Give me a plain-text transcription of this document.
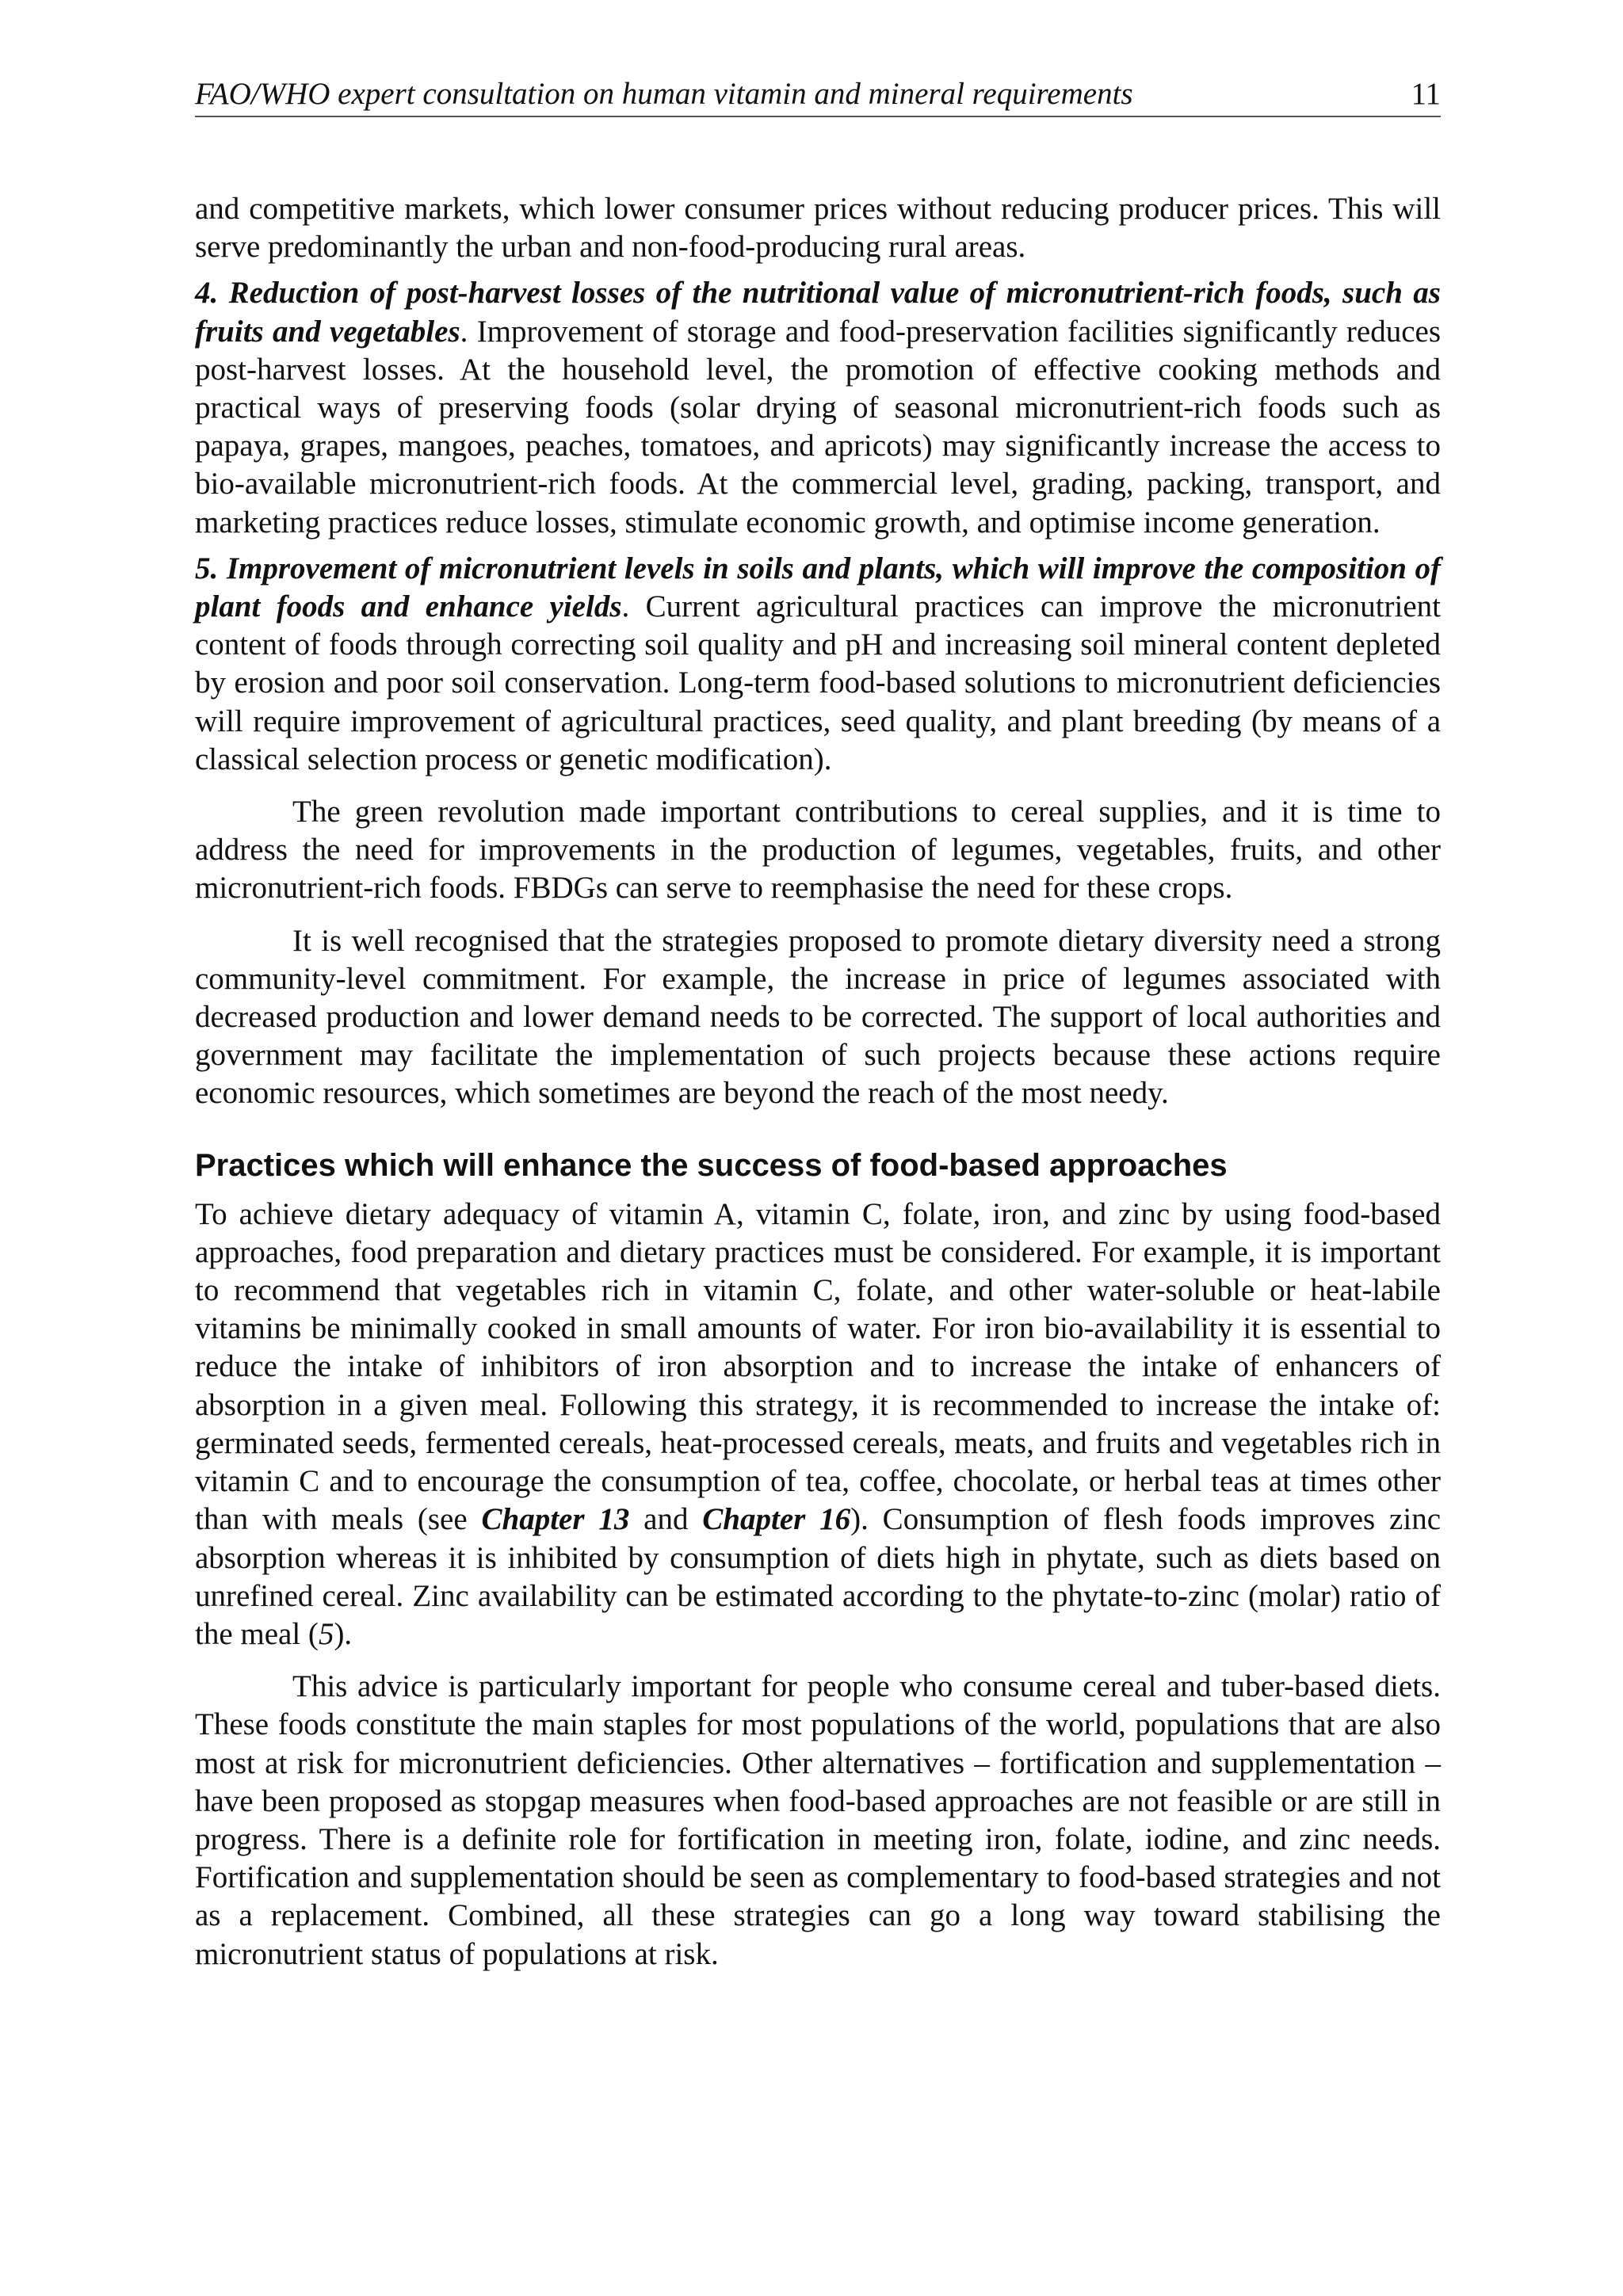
FAO/WHO expert consultation on human vitamin and mineral requirements	11

and competitive markets, which lower consumer prices without reducing producer prices. This will serve predominantly the urban and non-food-producing rural areas.

4. Reduction of post-harvest losses of the nutritional value of micronutrient-rich foods, such as fruits and vegetables. Improvement of storage and food-preservation facilities significantly reduces post-harvest losses. At the household level, the promotion of effective cooking methods and practical ways of preserving foods (solar drying of seasonal micronutrient-rich foods such as papaya, grapes, mangoes, peaches, tomatoes, and apricots) may significantly increase the access to bio-available micronutrient-rich foods. At the commercial level, grading, packing, transport, and marketing practices reduce losses, stimulate economic growth, and optimise income generation.

5. Improvement of micronutrient levels in soils and plants, which will improve the composition of plant foods and enhance yields. Current agricultural practices can improve the micronutrient content of foods through correcting soil quality and pH and increasing soil mineral content depleted by erosion and poor soil conservation. Long-term food-based solutions to micronutrient deficiencies will require improvement of agricultural practices, seed quality, and plant breeding (by means of a classical selection process or genetic modification).

The green revolution made important contributions to cereal supplies, and it is time to address the need for improvements in the production of legumes, vegetables, fruits, and other micronutrient-rich foods. FBDGs can serve to reemphasise the need for these crops.

It is well recognised that the strategies proposed to promote dietary diversity need a strong community-level commitment. For example, the increase in price of legumes associated with decreased production and lower demand needs to be corrected. The support of local authorities and government may facilitate the implementation of such projects because these actions require economic resources, which sometimes are beyond the reach of the most needy.

Practices which will enhance the success of food-based approaches

To achieve dietary adequacy of vitamin A, vitamin C, folate, iron, and zinc by using food-based approaches, food preparation and dietary practices must be considered. For example, it is important to recommend that vegetables rich in vitamin C, folate, and other water-soluble or heat-labile vitamins be minimally cooked in small amounts of water. For iron bio-availability it is essential to reduce the intake of inhibitors of iron absorption and to increase the intake of enhancers of absorption in a given meal. Following this strategy, it is recommended to increase the intake of: germinated seeds, fermented cereals, heat-processed cereals, meats, and fruits and vegetables rich in vitamin C and to encourage the consumption of tea, coffee, chocolate, or herbal teas at times other than with meals (see Chapter 13 and Chapter 16). Consumption of flesh foods improves zinc absorption whereas it is inhibited by consumption of diets high in phytate, such as diets based on unrefined cereal. Zinc availability can be estimated according to the phytate-to-zinc (molar) ratio of the meal (5).

This advice is particularly important for people who consume cereal and tuber-based diets. These foods constitute the main staples for most populations of the world, populations that are also most at risk for micronutrient deficiencies. Other alternatives – fortification and supplementation – have been proposed as stopgap measures when food-based approaches are not feasible or are still in progress. There is a definite role for fortification in meeting iron, folate, iodine, and zinc needs. Fortification and supplementation should be seen as complementary to food-based strategies and not as a replacement. Combined, all these strategies can go a long way toward stabilising the micronutrient status of populations at risk.
